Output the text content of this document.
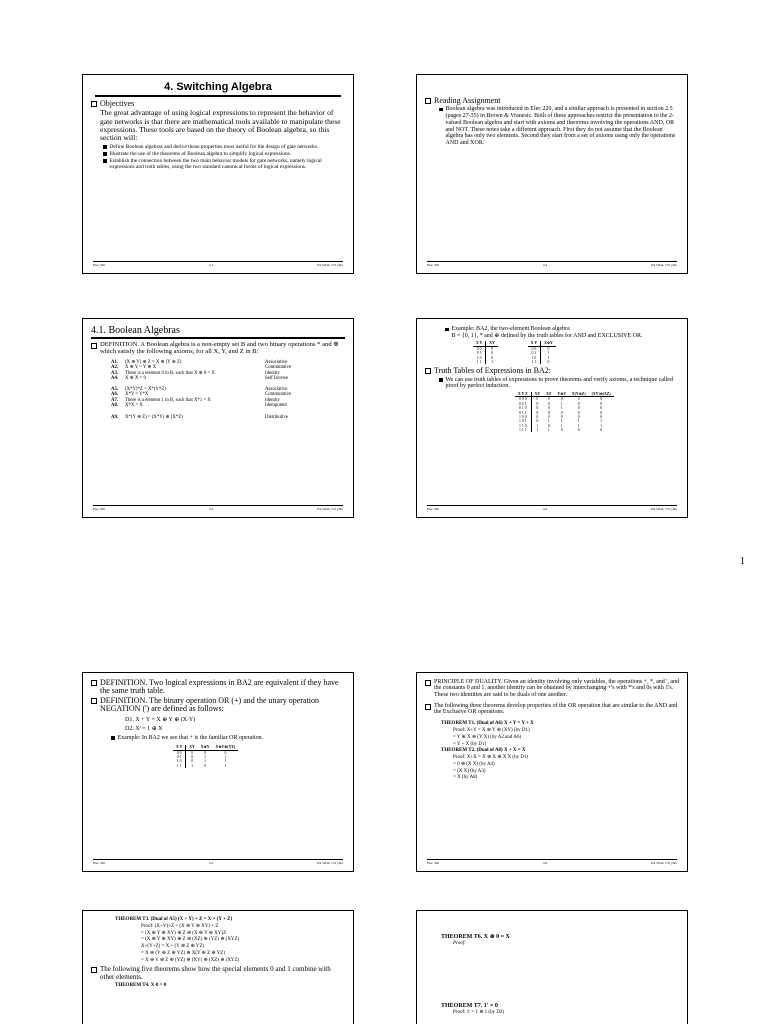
4. Switching Algebra
Objectives
The great advantage of using logical expressions to represent the behavior of gate networks is that there are mathematical tools available to manipulate these expressions. These tools are based on the theory of Boolean algebra, so this section will:
Define Boolean algebras and derive those properties most useful for the design of gate networks.
Illustrate the use of the theorems of Boolean algebra to simplify logical expressions.
Establish the connection between the two main behavior models for gate networks, namely logical expressions and truth tables, using the two standard canonical forms of logical expressions.
Elec 326	4.1	Pat Wlsh, J W yhrs
Reading Assignment
Boolean algebra was introduced in Elec 220, and a similar approach is presented in section 2.5 (pages 27-35) in Brown & Vranesic. Both of these approaches restrict the presentation to the 2-valued Boolean algebra and start with axioms and theorems involving the operations AND, OR and NOT. These notes take a different approach. First they do not assume that the Boolean algebra has only two elements. Second they start from a set of axioms using only the operations AND and XOR.
Elec 326	4.2	Pat Wlsh, J W yhrs
4.1. Boolean Algebras
DEFINITION. A Boolean algebra is a non-empty set B and two binary operations * and ⊕ which satisfy the following axioms, for all X, Y, and Z in B:
A1.	(X ⊕ Y) ⊕ Z = X ⊕ (Y ⊕ Z)	Associative
A2.	X ⊕ Y = Y ⊕ X	Commutative
A3.	There is a element 0 in B, such that X ⊕ 0 = X	Identity
A4.	X ⊕ X = 0	Self Inverse
A5.	(X*Y)*Z = X*(Y*Z)	Associative
A6.	X*Y = Y*X	Commutative
A7.	There is a element 1 in B, such that X*1 = X	Identity
A8.	X*X = X	Idempotent
A9.	X*(Y ⊕ Z) = (X*Y) ⊕ (X*Z)	Distributive
Elec 326	4.3	Pat Wlsh, J W yhrs
Example: BA2, the two-element Boolean algebra
B = {0, 1}, * and ⊕ defined by the truth tables for AND and EXCLUSIVE OR.
X Y	XY
0 0	0
0 1	0
1 0	0
1 1	1
X Y	X⊕Y
0 0	0
0 1	1
1 0	1
1 1	0
Truth Tables of Expressions in BA2:
We can use truth tables of expressions to prove theorems and verify axioms, a technique called proof by perfect induction.
X Y Z	XY	XZ	Y⊕Z	X(Y⊕Z)	(XY)⊕(XZ)
0 0 0	0	0	0	0	0
0 0 1	0	0	1	0	0
0 1 0	0	0	1	0	0
0 1 1	0	0	0	0	0
1 0 0	0	0	0	0	0
1 0 1	0	1	1	1	1
1 1 0	1	0	1	1	1
1 1 1	1	1	0	0	0
Elec 326	4.4	Pat Wlsh, J W yhrs
1
DEFINITION. Two logical expressions in BA2 are equivalent if they have the same truth table.
DEFINITION. The binary operation OR (+) and the unary operation NEGATION (') are defined as follows:
D1. X + Y = X ⊕ Y ⊕ (X·Y)
D2. X' = 1 ⊕ X
Example: In BA2 we see that + is the familiar OR operation.
X Y	XY	X⊕Y	X⊕Y⊕(XY)
0 0	0	0	0
0 1	0	1	1
1 0	0	1	1
1 1	1	0	1
Elec 326	4.5	Pat Wlsh, J W yhrs
PRINCIPLE OF DUALITY. Given an identity involving only variables, the operations +, *, and ', and the constants 0 and 1, another identity can be obtained by interchanging +'s with *'s and 0s with 1's. These two identities are said to be duals of one another.
The following three theorems develop properties of the OR operation that are similar to the AND and the Exclusive OR operations.
THEOREM T1. (Dual of A6) X + Y = Y + X
Proof: X+Y = X ⊕ Y ⊕ (XY) (by D1)
= Y ⊕ X ⊕ (Y X) (by A2 and A6)
= Y + X (by D1)
THEOREM T2. (Dual of A8) X + X = X
Proof: X+X = X ⊕ X ⊕ X X (by D1)
= 0 ⊕ (X X) (by A4)
= (X X) (by A3)
= X (by A8)
Elec 326	4.6	Pat Wlsh, J W yhrs
THEOREM T3. (Dual of A5) (X + Y) + Z = X + (Y + Z)
Proof: (X+Y)+Z = (X ⊕ Y ⊕ XY) + Z
= (X ⊕ Y ⊕ XY) ⊕ Z ⊕ (X ⊕ Y ⊕ XY)Z
= (X ⊕ Y ⊕ XY) ⊕ Z ⊕ (XZ) ⊕ (YZ) ⊕ (XYZ)
X+(Y+Z) = X + (Y ⊕ Z ⊕ YZ)
= X ⊕ (Y ⊕ Z ⊕ YZ) ⊕ X(Y ⊕ Z ⊕ YZ)
= X ⊕ Y ⊕ Z ⊕ (YZ) ⊕ (XY) ⊕ (XZ) ⊕ (XYZ)
The following five theorems show how the special elements 0 and 1 combine with other elements.
THEOREM T4. X·0 = 0
THEOREM T6. X ⊕ 0 = X
Proof:
THEOREM T7. 1' = 0
Proof: 1' = 1 ⊕ 1 (by D2)
